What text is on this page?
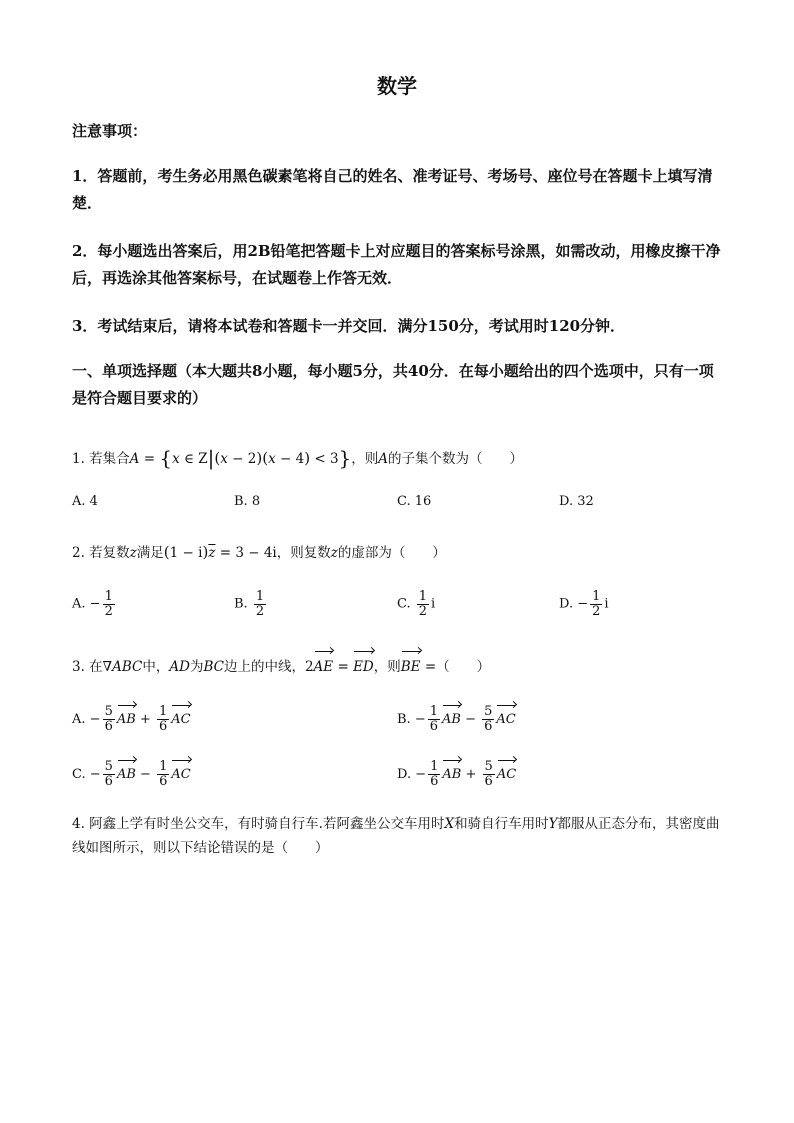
数学
注意事项：
1．答题前，考生务必用黑色碳素笔将自己的姓名、准考证号、考场号、座位号在答题卡上填写清楚．
2．每小题选出答案后，用2B铅笔把答题卡上对应题目的答案标号涂黑，如需改动，用橡皮擦干净后，再选涂其他答案标号，在试题卷上作答无效．
3．考试结束后，请将本试卷和答题卡一并交回．满分150分，考试用时120分钟．
一、单项选择题（本大题共8小题，每小题5分，共40分．在每小题给出的四个选项中，只有一项是符合题目要求的）
1. 若集合A = {x ∈ Z|(x − 2)(x − 4) < 3}，则A的子集个数为（　　）
A. 4	B. 8	C. 16	D. 32
2. 若复数z满足$(1 - i)\overline{z} = 3 - 4i$，则复数z的虚部为（　　）
A. − $\frac{1}{2}$	B. $\frac{1}{2}$	C. $\frac{1}{2}$ i	D. − $\frac{1}{2}$ i
3. 在∇ABC中，AD为BC边上的中线，2AE = ED，则BE =（　　）
A. − $\frac{5}{6}$ AB + $\frac{1}{6}$ AC	B. − $\frac{1}{6}$ AB − $\frac{5}{6}$ AC
C. − $\frac{5}{6}$ AB − $\frac{1}{6}$ AC	D. − $\frac{1}{6}$ AB + $\frac{5}{6}$ AC
4. 阿鑫上学有时坐公交车，有时骑自行车.若阿鑫坐公交车用时X和骑自行车用时Y都服从正态分布，其密度曲线如图所示，则以下结论错误的是（　　）
